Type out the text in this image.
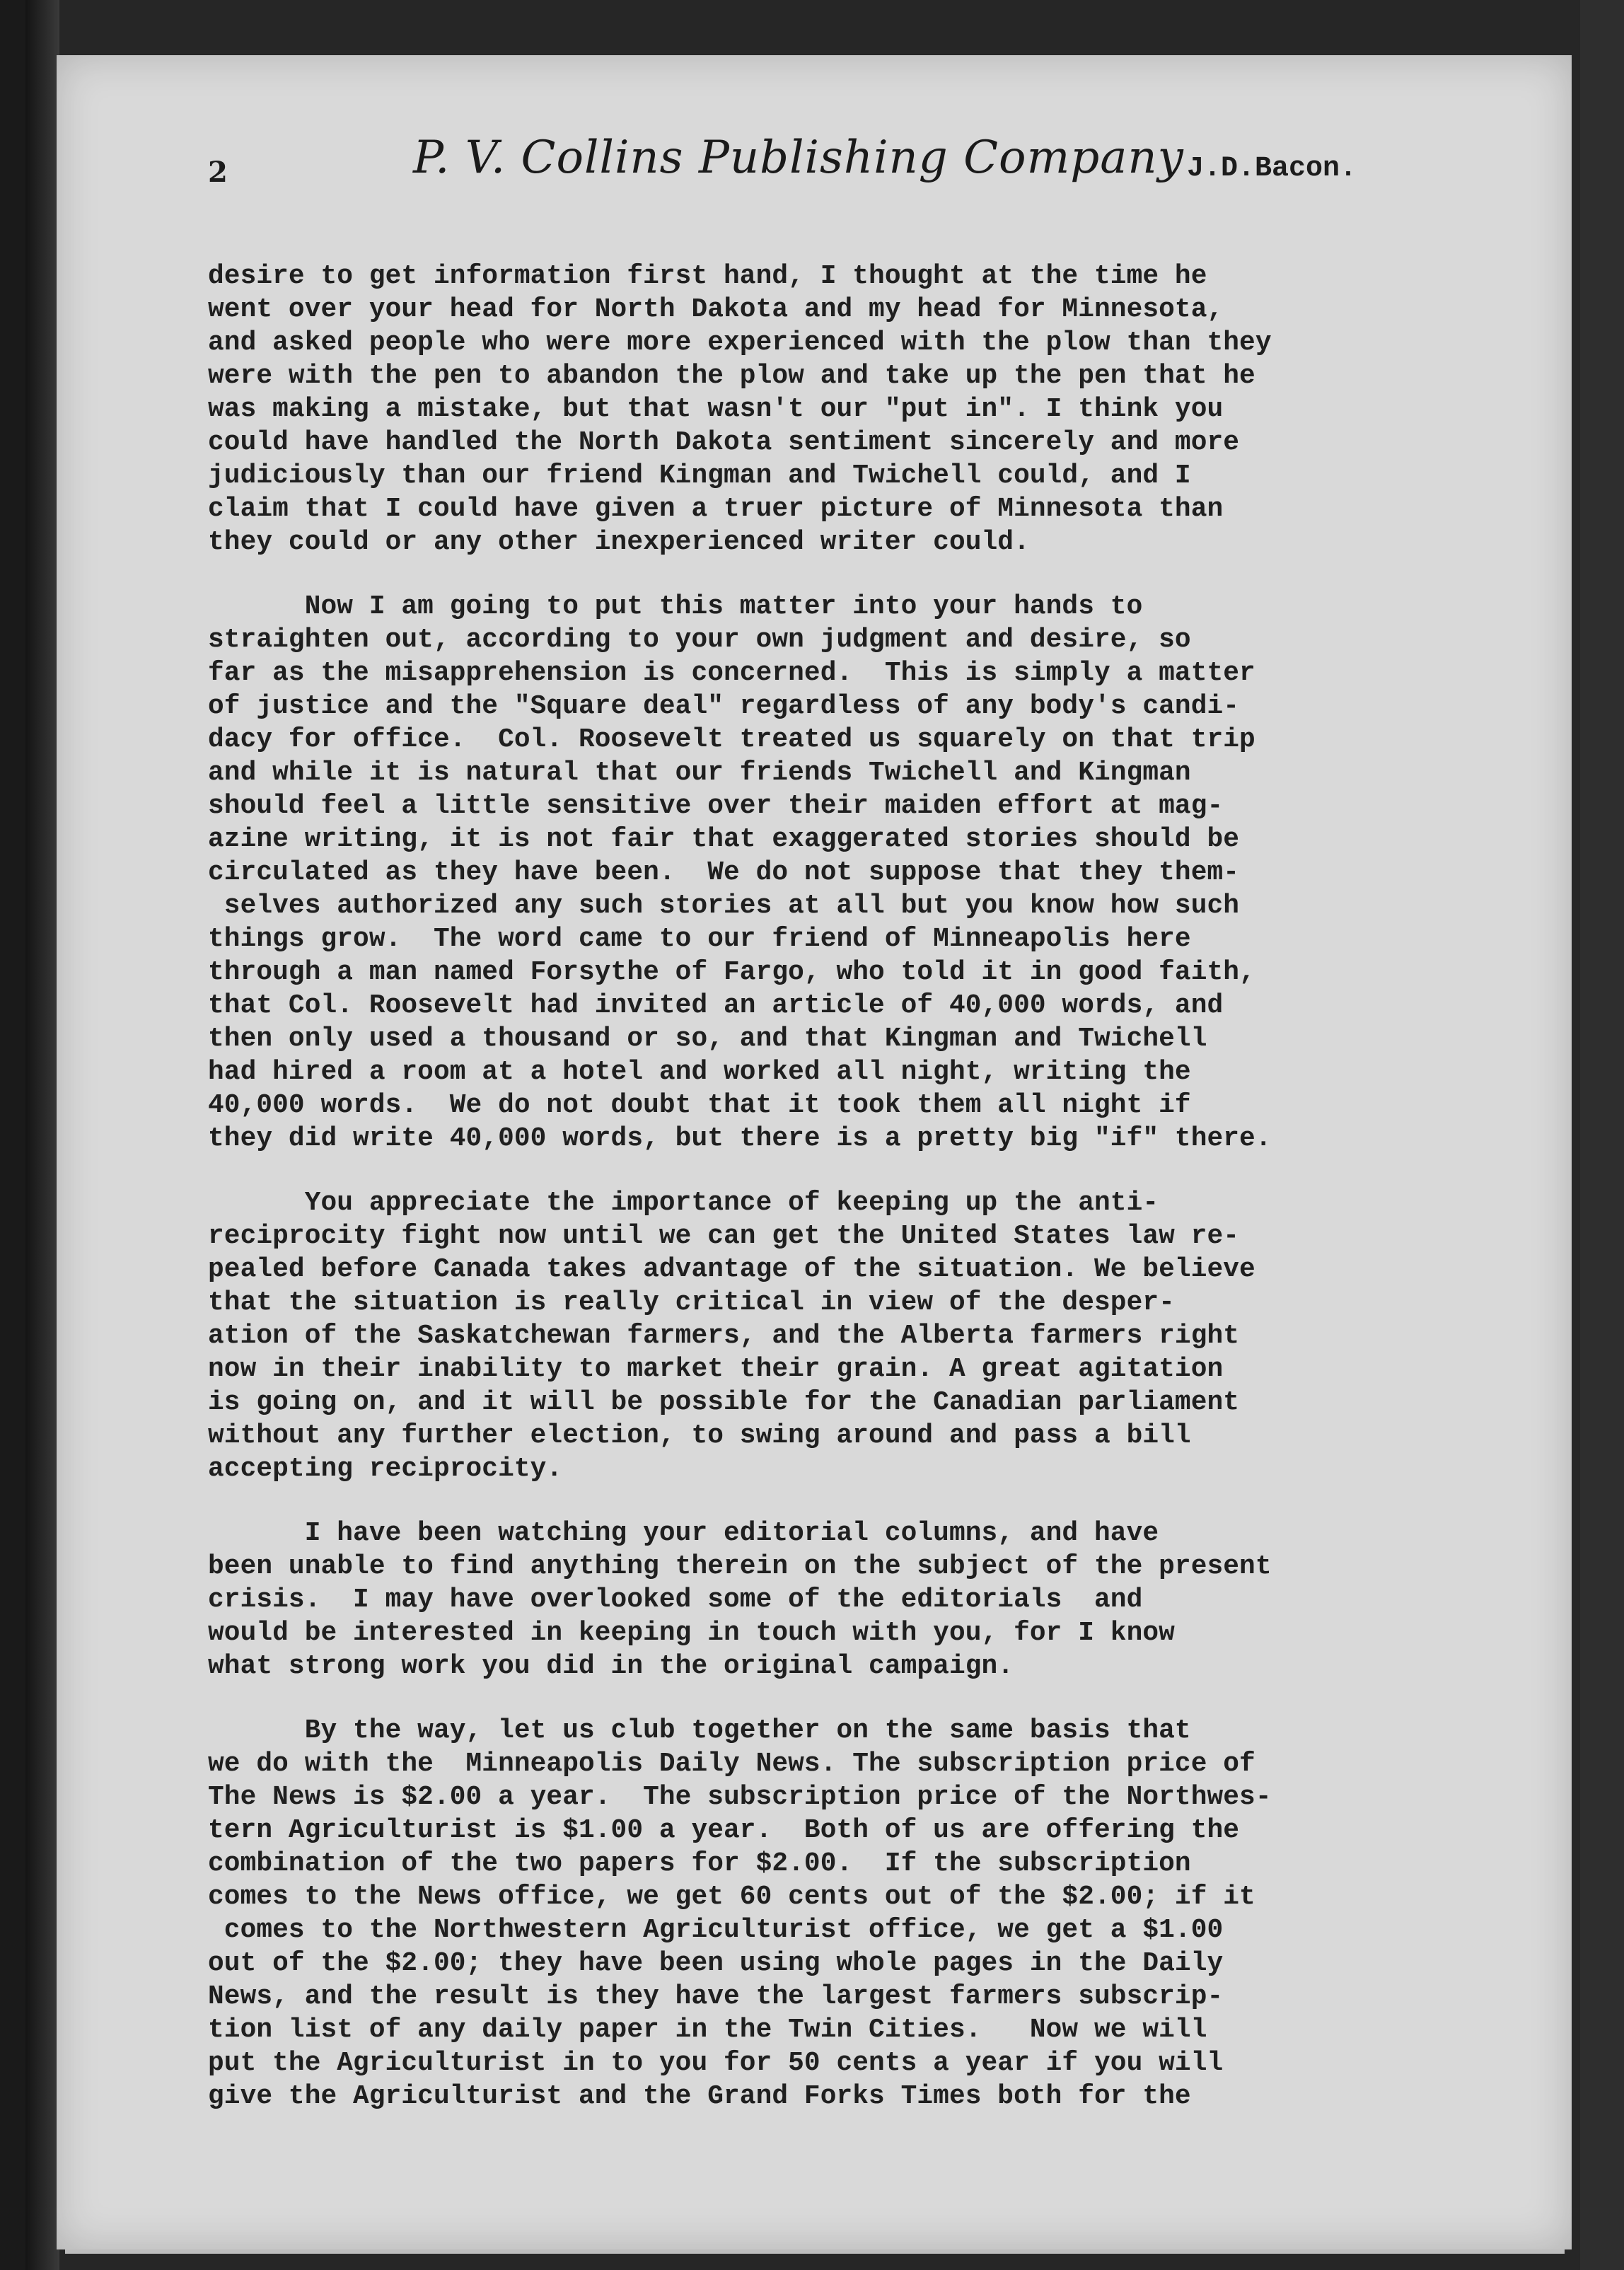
2	P. V. Collins Publishing Company J.D.Bacon.
desire to get information first hand, I thought at the time he
went over your head for North Dakota and my head for Minnesota,
and asked people who were more experienced with the plow than they
were with the pen to abandon the plow and take up the pen that he
was making a mistake, but that wasn't our "put in". I think you
could have handled the North Dakota sentiment sincerely and more
judiciously than our friend Kingman and Twichell could, and I
claim that I could have given a truer picture of Minnesota than
they could or any other inexperienced writer could.
Now I am going to put this matter into your hands to
straighten out, according to your own judgment and desire, so
far as the misapprehension is concerned.  This is simply a matter
of justice and the "Square deal" regardless of any body's candi-
dacy for office.  Col. Roosevelt treated us squarely on that trip
and while it is natural that our friends Twichell and Kingman
should feel a little sensitive over their maiden effort at mag-
azine writing, it is not fair that exaggerated stories should be
circulated as they have been.  We do not suppose that they them-
selves authorized any such stories at all but you know how such
things grow.  The word came to our friend of Minneapolis here
through a man named Forsythe of Fargo, who told it in good faith,
that Col. Roosevelt had invited an article of 40,000 words, and
then only used a thousand or so, and that Kingman and Twichell
had hired a room at a hotel and worked all night, writing the
40,000 words.  We do not doubt that it took them all night if
they did write 40,000 words, but there is a pretty big "if" there.
You appreciate the importance of keeping up the anti-
reciprocity fight now until we can get the United States law re-
pealed before Canada takes advantage of the situation. We believe
that the situation is really critical in view of the desper-
ation of the Saskatchewan farmers, and the Alberta farmers right
now in their inability to market their grain. A great agitation
is going on, and it will be possible for the Canadian parliament
without any further election, to swing around and pass a bill
accepting reciprocity.
I have been watching your editorial columns, and have
been unable to find anything therein on the subject of the present
crisis.  I may have overlooked some of the editorials  and
would be interested in keeping in touch with you, for I know
what strong work you did in the original campaign.
By the way, let us club together on the same basis that
we do with the  Minneapolis Daily News. The subscription price of
The News is $2.00 a year.  The subscription price of the Northwes-
tern Agriculturist is $1.00 a year.  Both of us are offering the
combination of the two papers for $2.00.  If the subscription
comes to the News office, we get 60 cents out of the $2.00; if it
comes to the Northwestern Agriculturist office, we get a $1.00
out of the $2.00; they have been using whole pages in the Daily
News, and the result is they have the largest farmers subscrip-
tion list of any daily paper in the Twin Cities.   Now we will
put the Agriculturist in to you for 50 cents a year if you will
give the Agriculturist and the Grand Forks Times both for the
